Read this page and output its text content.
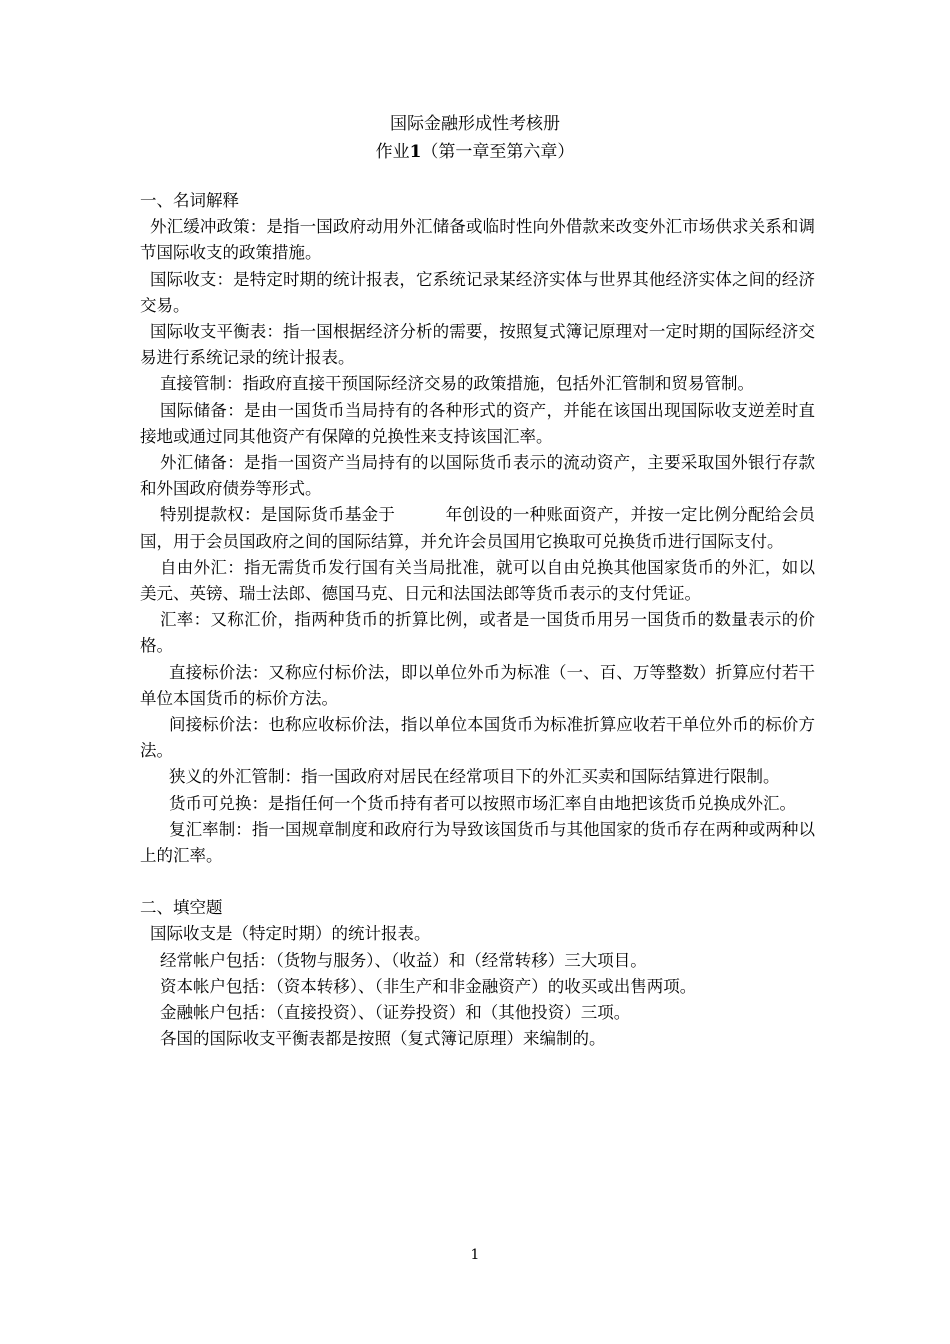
国际金融形成性考核册
作业1（第一章至第六章）

一、名词解释

外汇缓冲政策：是指一国政府动用外汇储备或临时性向外借款来改变外汇市场供求关系和调节国际收支的政策措施。

国际收支：是特定时期的统计报表，它系统记录某经济实体与世界其他经济实体之间的经济交易。

国际收支平衡表：指一国根据经济分析的需要，按照复式簿记原理对一定时期的国际经济交易进行系统记录的统计报表。

直接管制：指政府直接干预国际经济交易的政策措施，包括外汇管制和贸易管制。

国际储备：是由一国货币当局持有的各种形式的资产，并能在该国出现国际收支逆差时直接地或通过同其他资产有保障的兑换性来支持该国汇率。

外汇储备：是指一国资产当局持有的以国际货币表示的流动资产，主要采取国外银行存款和外国政府债券等形式。

特别提款权：是国际货币基金于　　　年创设的一种账面资产，并按一定比例分配给会员国，用于会员国政府之间的国际结算，并允许会员国用它换取可兑换货币进行国际支付。

自由外汇：指无需货币发行国有关当局批准，就可以自由兑换其他国家货币的外汇，如以美元、英镑、瑞士法郎、德国马克、日元和法国法郎等货币表示的支付凭证。

汇率：又称汇价，指两种货币的折算比例，或者是一国货币用另一国货币的数量表示的价格。

直接标价法：又称应付标价法，即以单位外币为标准（一、百、万等整数）折算应付若干单位本国货币的标价方法。

间接标价法：也称应收标价法，指以单位本国货币为标准折算应收若干单位外币的标价方法。

狭义的外汇管制：指一国政府对居民在经常项目下的外汇买卖和国际结算进行限制。

货币可兑换：是指任何一个货币持有者可以按照市场汇率自由地把该货币兑换成外汇。

复汇率制：指一国规章制度和政府行为导致该国货币与其他国家的货币存在两种或两种以上的汇率。

二、填空题

国际收支是（特定时期）的统计报表。

经常帐户包括：（货物与服务）、（收益）和（经常转移）三大项目。

资本帐户包括：（资本转移）、（非生产和非金融资产）的收买或出售两项。

金融帐户包括：（直接投资）、（证券投资）和（其他投资）三项。

各国的国际收支平衡表都是按照（复式簿记原理）来编制的。

1
